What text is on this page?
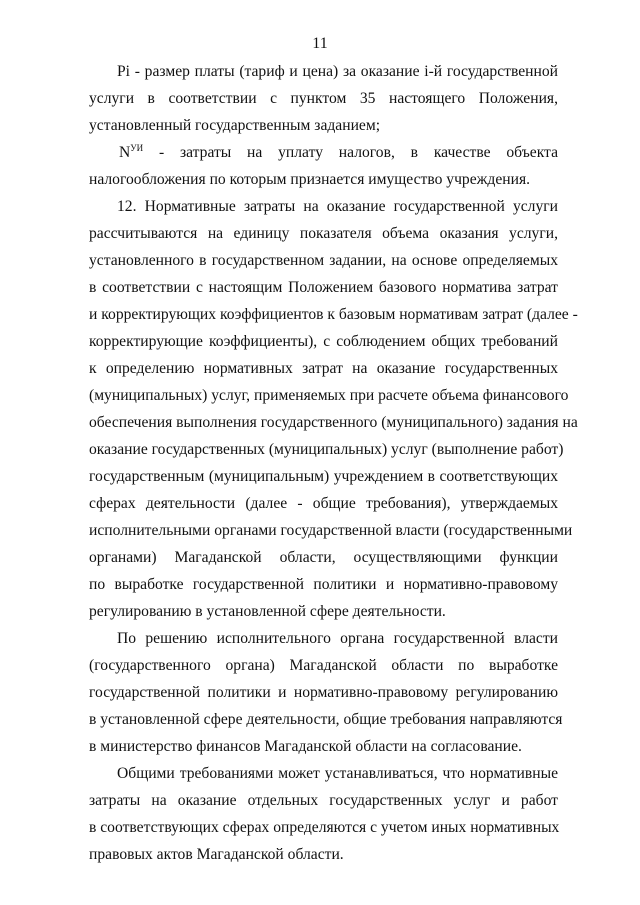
11
Pi - размер платы (тариф и цена) за оказание i-й государственной
услуги в соответствии с пунктом 35 настоящего Положения,
установленный государственным заданием;
$N^{УИ}$ - затраты на уплату налогов, в качестве объекта
налогообложения по которым признается имущество учреждения.
12. Нормативные затраты на оказание государственной услуги
рассчитываются на единицу показателя объема оказания услуги,
установленного в государственном задании, на основе определяемых
в соответствии с настоящим Положением базового норматива затрат
и корректирующих коэффициентов к базовым нормативам затрат (далее -
корректирующие коэффициенты), с соблюдением общих требований
к определению нормативных затрат на оказание государственных
(муниципальных) услуг, применяемых при расчете объема финансового
обеспечения выполнения государственного (муниципального) задания на
оказание государственных (муниципальных) услуг (выполнение работ)
государственным (муниципальным) учреждением в соответствующих
сферах деятельности (далее - общие требования), утверждаемых
исполнительными органами государственной власти (государственными
органами) Магаданской области, осуществляющими функции
по выработке государственной политики и нормативно-правовому
регулированию в установленной сфере деятельности.
По решению исполнительного органа государственной власти
(государственного органа) Магаданской области по выработке
государственной политики и нормативно-правовому регулированию
в установленной сфере деятельности, общие требования направляются
в министерство финансов Магаданской области на согласование.
Общими требованиями может устанавливаться, что нормативные
затраты на оказание отдельных государственных услуг и работ
в соответствующих сферах определяются с учетом иных нормативных
правовых актов Магаданской области.
